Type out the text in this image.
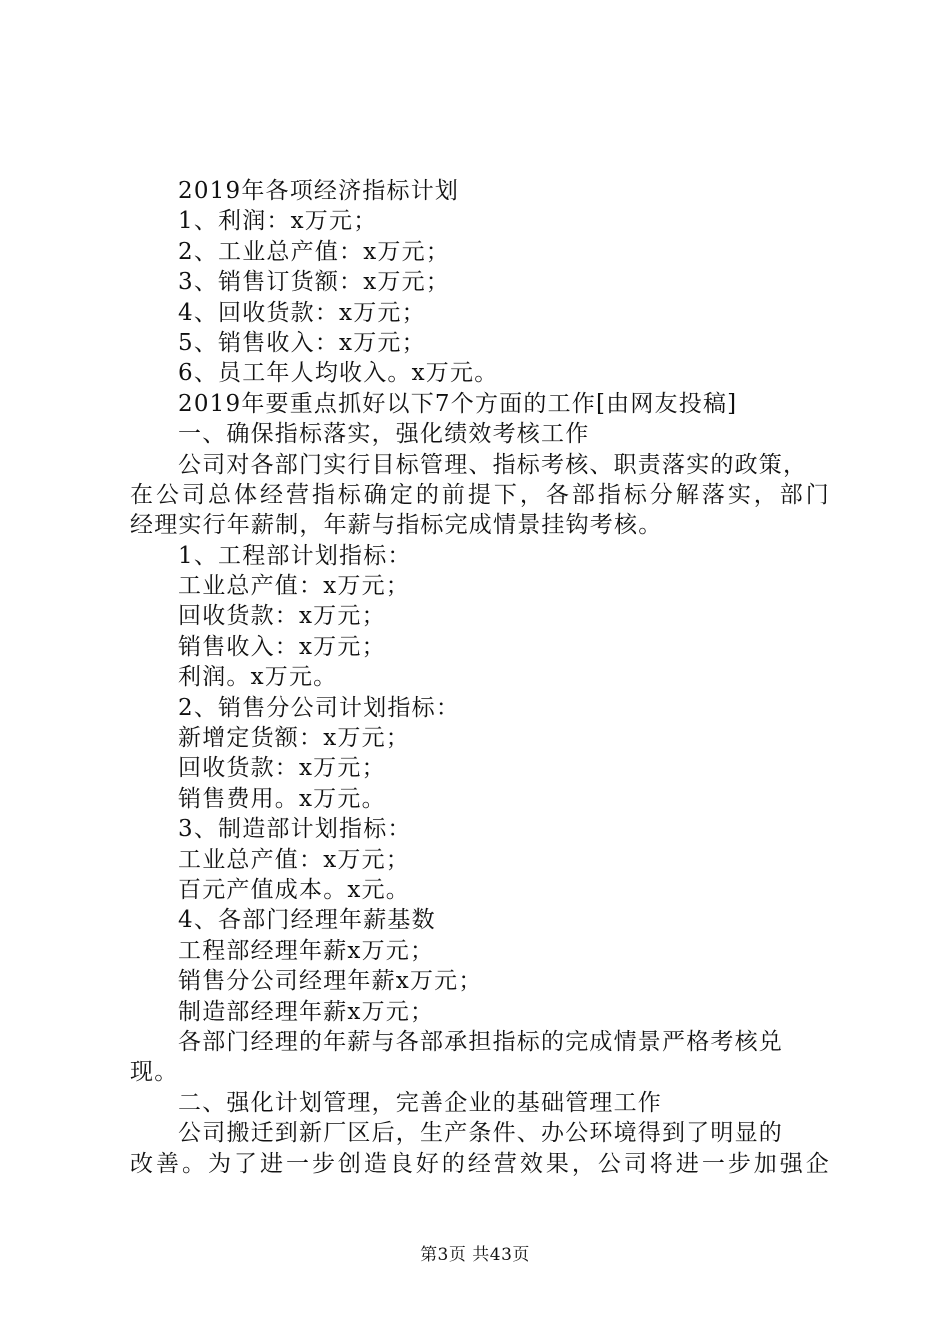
2019年各项经济指标计划
1、利润：x万元；
2、工业总产值：x万元；
3、销售订货额：x万元；
4、回收货款：x万元；
5、销售收入：x万元；
6、员工年人均收入。x万元。
2019年要重点抓好以下7个方面的工作[由网友投稿]
一、确保指标落实，强化绩效考核工作
公司对各部门实行目标管理、指标考核、职责落实的政策，
在公司总体经营指标确定的前提下，各部指标分解落实，部门
经理实行年薪制，年薪与指标完成情景挂钩考核。
1、工程部计划指标：
工业总产值：x万元；
回收货款：x万元；
销售收入：x万元；
利润。x万元。
2、销售分公司计划指标：
新增定货额：x万元；
回收货款：x万元；
销售费用。x万元。
3、制造部计划指标：
工业总产值：x万元；
百元产值成本。x元。
4、各部门经理年薪基数
工程部经理年薪x万元；
销售分公司经理年薪x万元；
制造部经理年薪x万元；
各部门经理的年薪与各部承担指标的完成情景严格考核兑
现。
二、强化计划管理，完善企业的基础管理工作
公司搬迁到新厂区后，生产条件、办公环境得到了明显的
改善。为了进一步创造良好的经营效果，公司将进一步加强企
第3页 共43页
